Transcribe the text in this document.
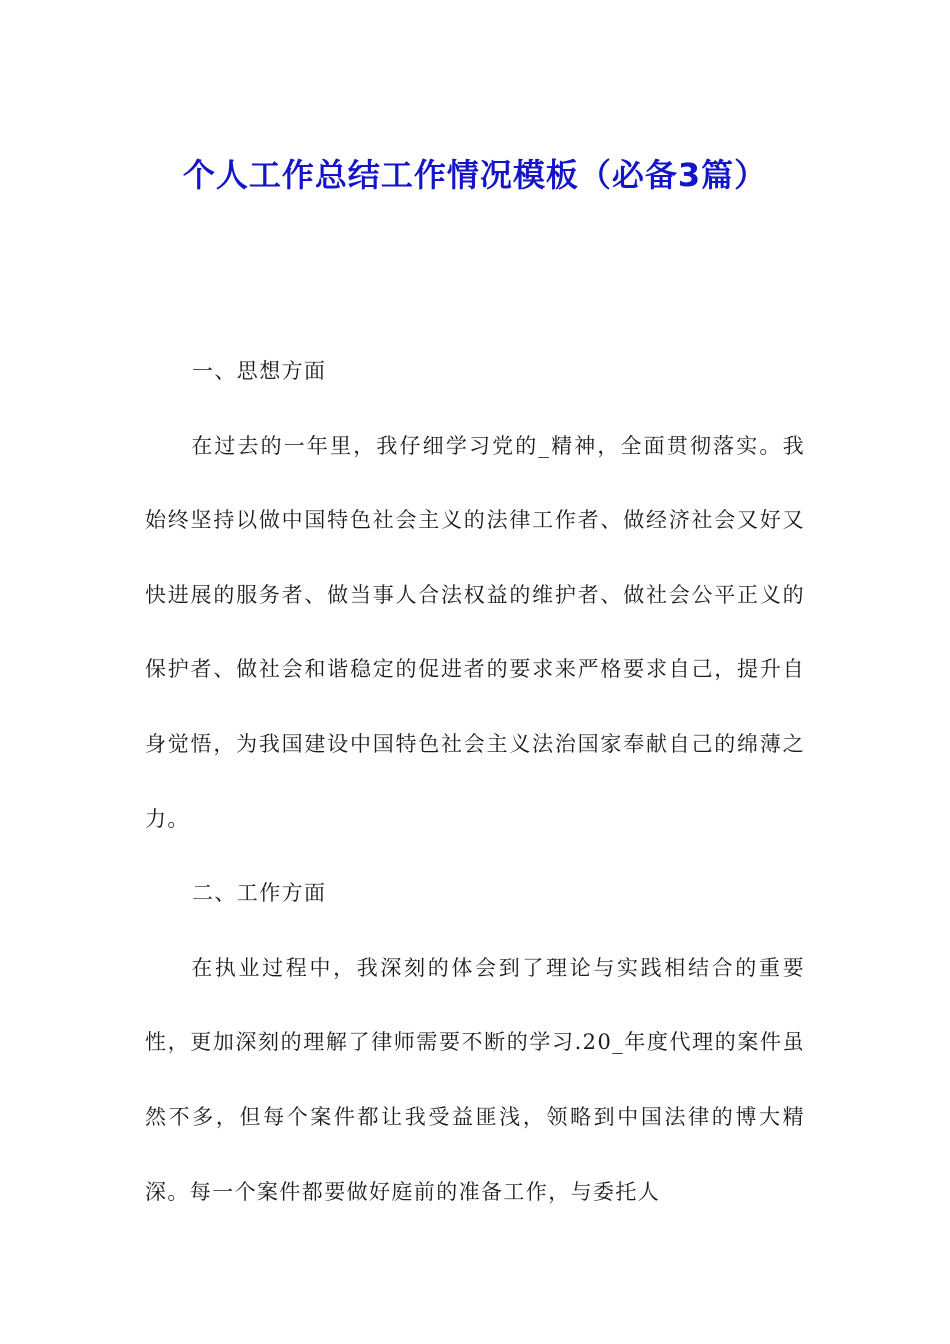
个人工作总结工作情况模板（必备3篇）

一、思想方面

在过去的一年里，我仔细学习党的_精神，全面贯彻落实。我始终坚持以做中国特色社会主义的法律工作者、做经济社会又好又快进展的服务者、做当事人合法权益的维护者、做社会公平正义的保护者、做社会和谐稳定的促进者的要求来严格要求自己，提升自身觉悟，为我国建设中国特色社会主义法治国家奉献自己的绵薄之力。

二、工作方面

在执业过程中，我深刻的体会到了理论与实践相结合的重要性，更加深刻的理解了律师需要不断的学习.20_年度代理的案件虽然不多，但每个案件都让我受益匪浅，领略到中国法律的博大精深。每一个案件都要做好庭前的准备工作，与委托人
